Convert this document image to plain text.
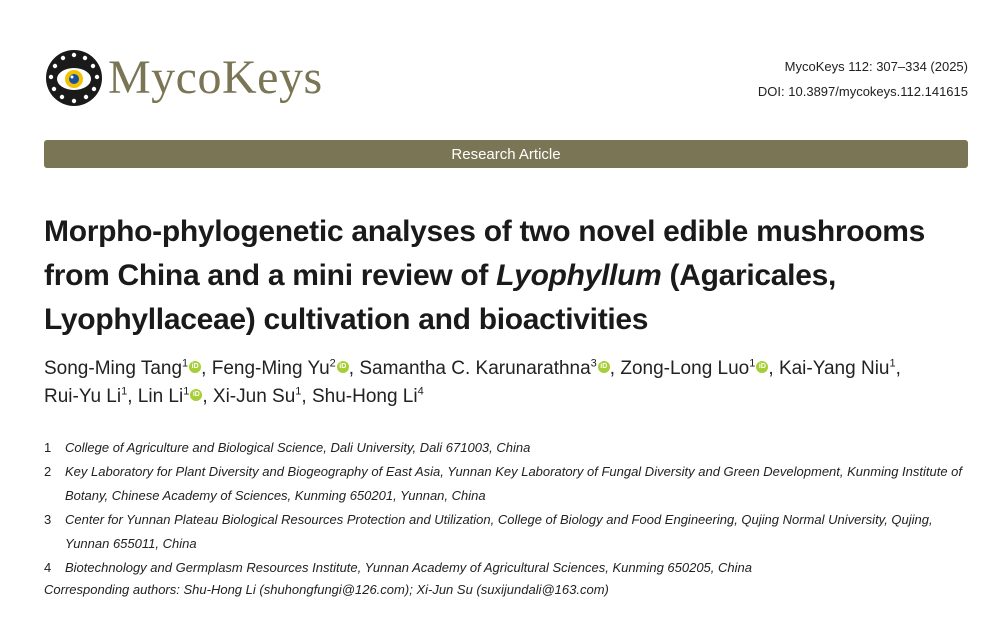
MycoKeys	MycoKeys 112: 307–334 (2025)
DOI: 10.3897/mycokeys.112.141615
Research Article
Morpho-phylogenetic analyses of two novel edible mushrooms from China and a mini review of Lyophyllum (Agaricales, Lyophyllaceae) cultivation and bioactivities
Song-Ming Tang$^1$ iD , Feng-Ming Yu$^2$ iD , Samantha C. Karunarathna$^3$ iD , Zong-Long Luo$^1$ iD , Kai-Yang Niu$^1$, Rui-Yu Li$^1$, Lin Li$^1$ iD , Xi-Jun Su$^1$, Shu-Hong Li$^4$
1	College of Agriculture and Biological Science, Dali University, Dali 671003, China
2	Key Laboratory for Plant Diversity and Biogeography of East Asia, Yunnan Key Laboratory of Fungal Diversity and Green Development, Kunming Institute of Botany, Chinese Academy of Sciences, Kunming 650201, Yunnan, China
3	Center for Yunnan Plateau Biological Resources Protection and Utilization, College of Biology and Food Engineering, Qujing Normal University, Qujing, Yunnan 655011, China
4	Biotechnology and Germplasm Resources Institute, Yunnan Academy of Agricultural Sciences, Kunming 650205, China
Corresponding authors: Shu-Hong Li (shuhongfungi@126.com); Xi-Jun Su (suxijundali@163.com)
